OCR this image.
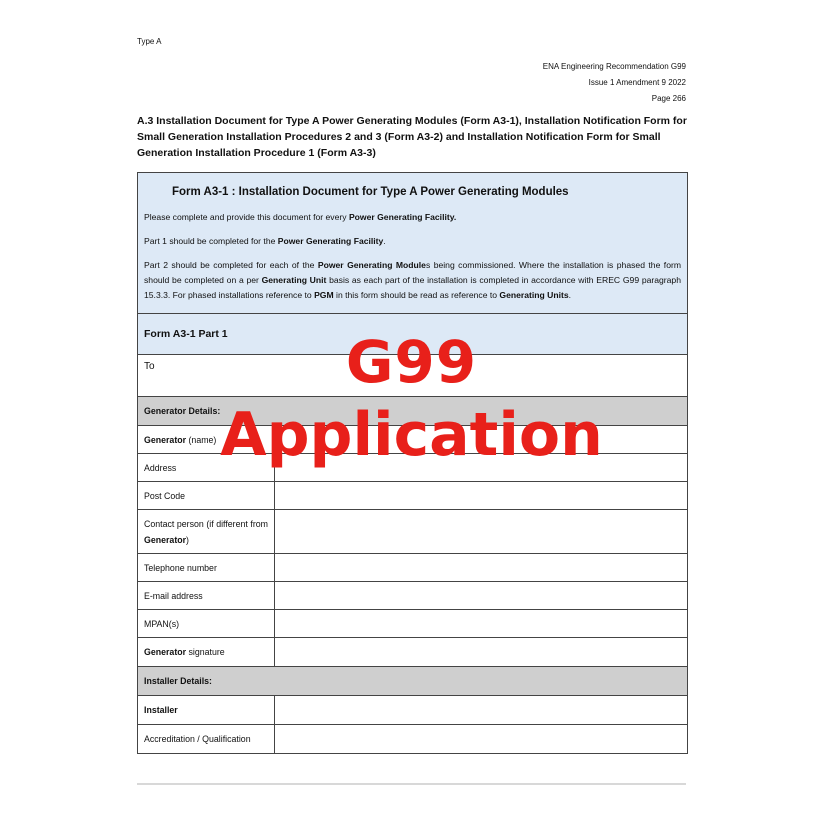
Type A
ENA Engineering Recommendation G99
Issue 1 Amendment 9 2022
Page 266
A.3 Installation Document for Type A Power Generating Modules (Form A3-1), Installation Notification Form for Small Generation Installation Procedures 2 and 3 (Form A3-2) and Installation Notification Form for Small Generation Installation Procedure 1 (Form A3-3)
Form A3-1 : Installation Document for Type A Power Generating Modules

Please complete and provide this document for every Power Generating Facility.

Part 1 should be completed for the Power Generating Facility.

Part 2 should be completed for each of the Power Generating Modules being commissioned. Where the installation is phased the form should be completed on a per Generating Unit basis as each part of the installation is completed in accordance with EREC G99 paragraph 15.3.3. For phased installations reference to PGM in this form should be read as reference to Generating Units.

Form A3-1 Part 1
To
Generator Details:
Generator (name)
Address
Post Code
Contact person (if different from Generator)
Telephone number
E-mail address
MPAN(s)
Generator signature
Installer Details:
Installer
Accreditation / Qualification
G99
Application
